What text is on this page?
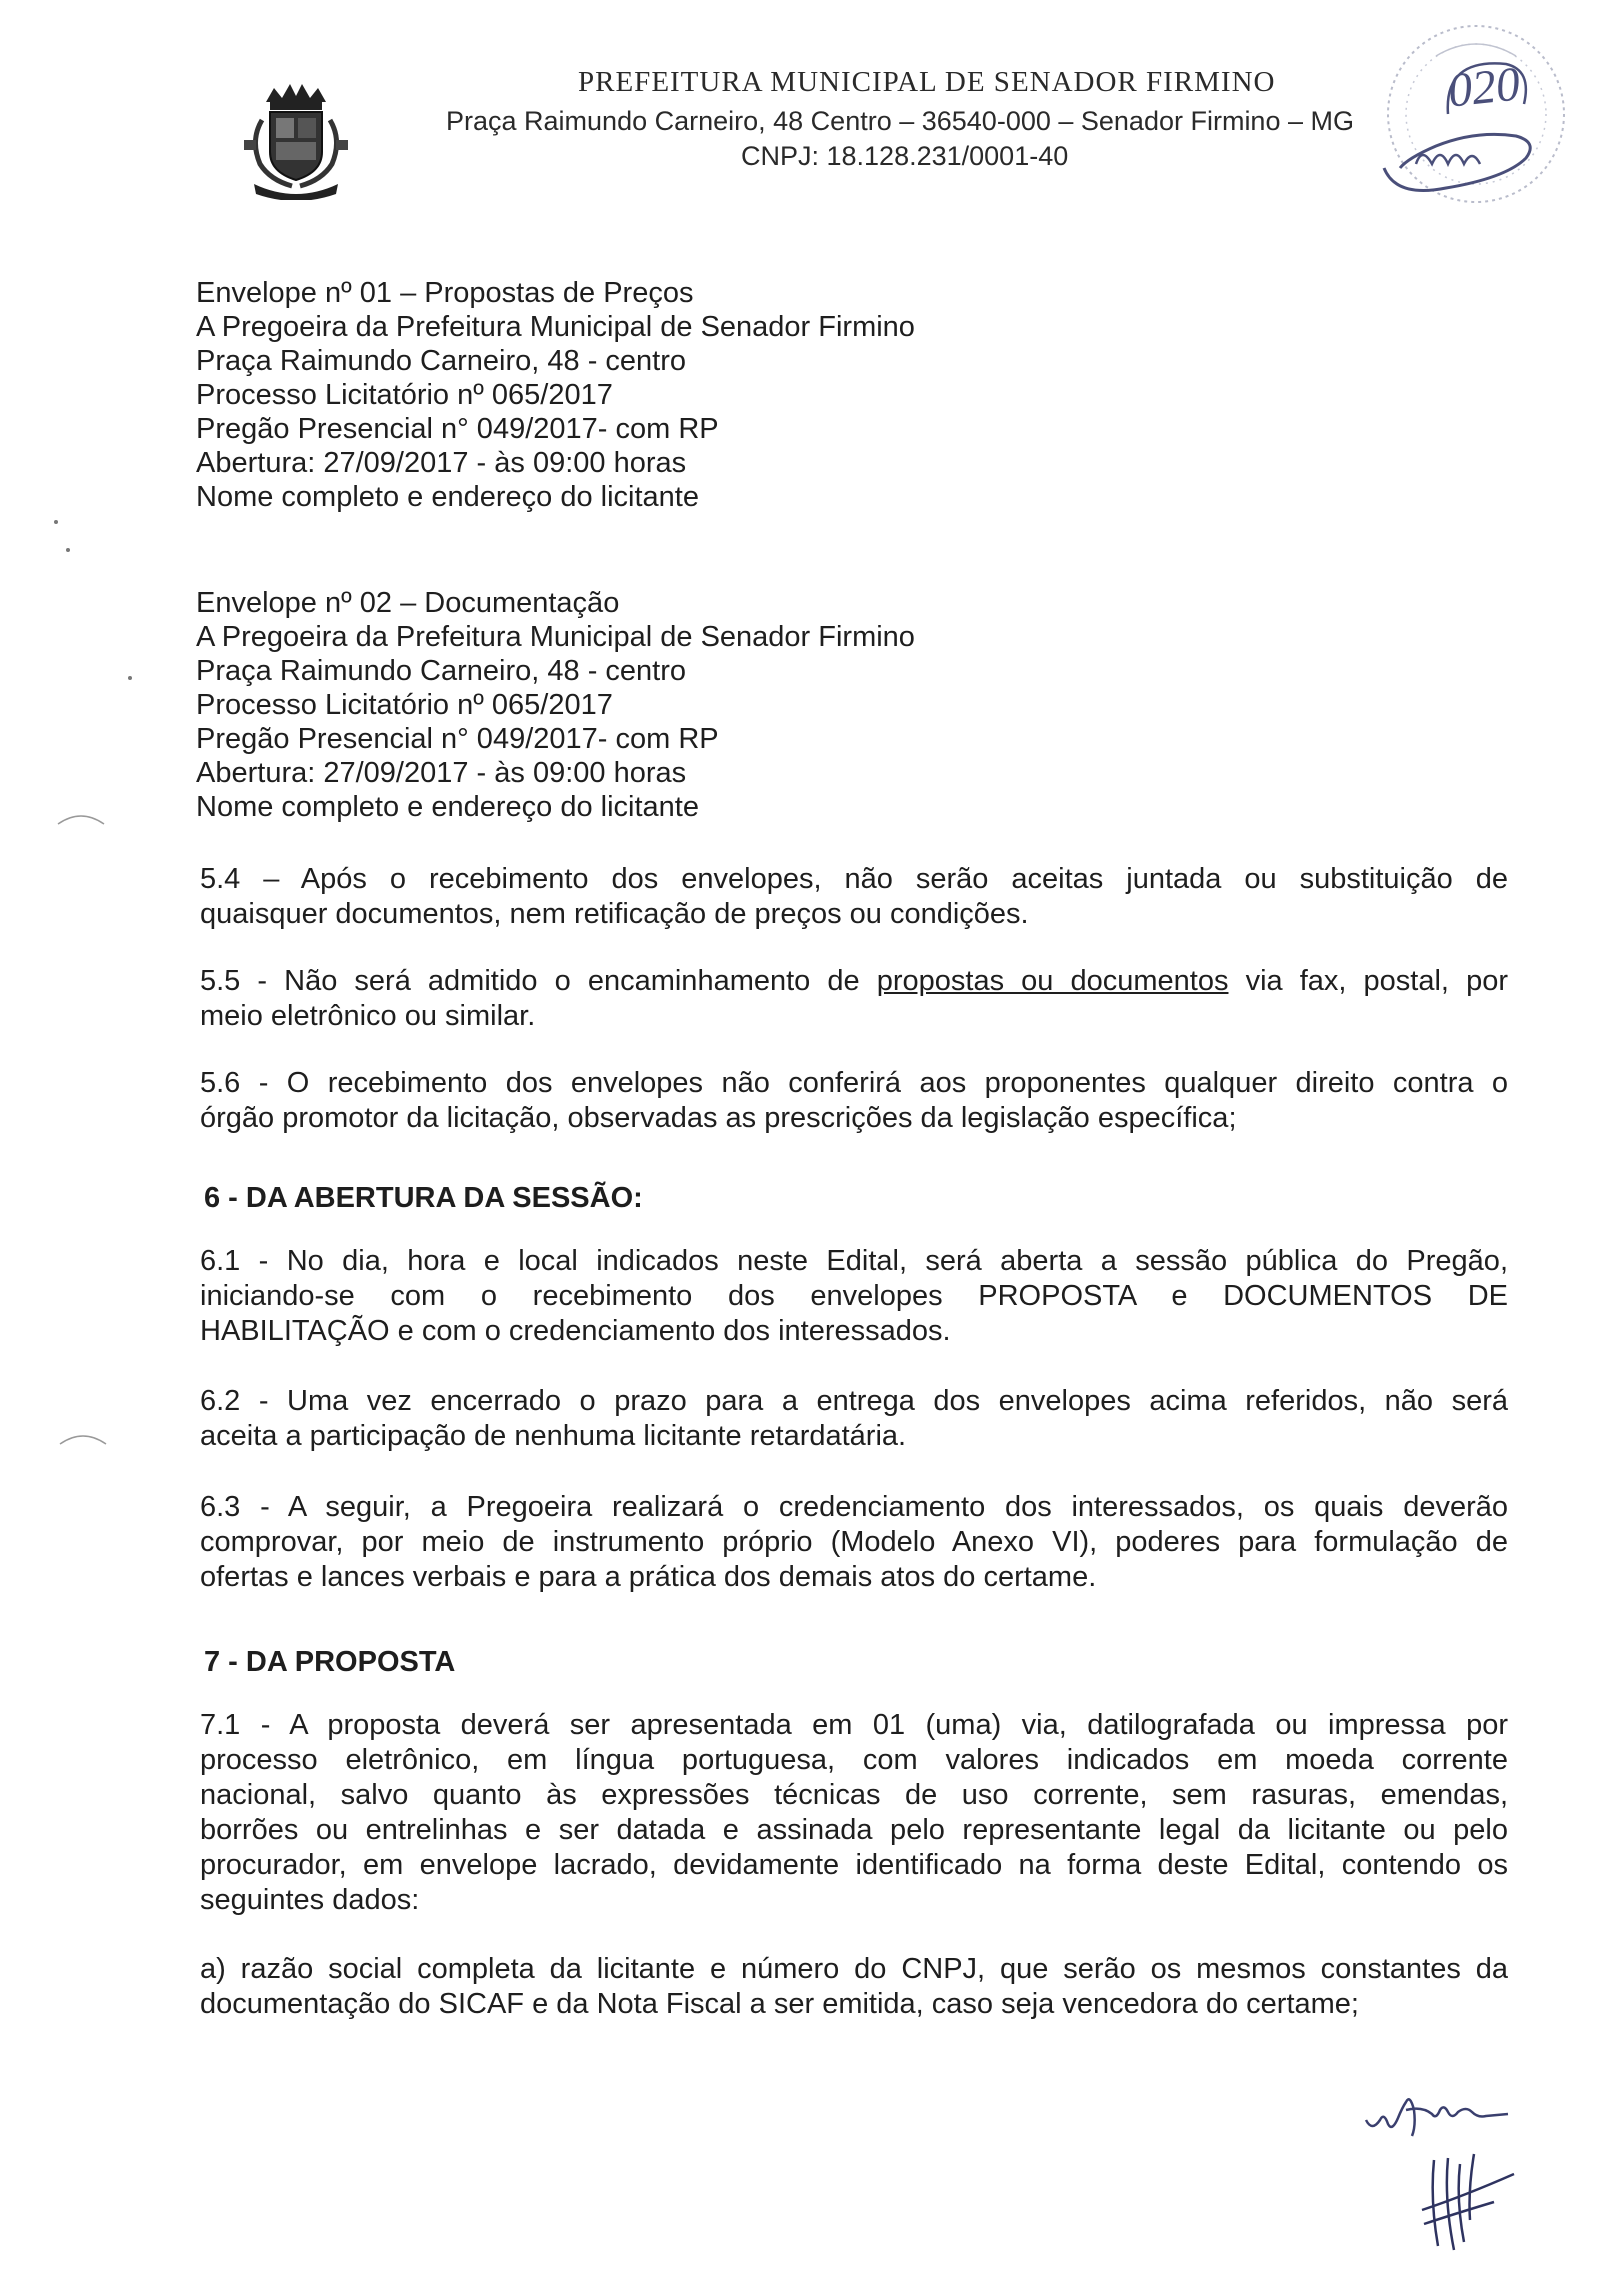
PREFEITURA MUNICIPAL DE SENADOR FIRMINO
Praça Raimundo Carneiro, 48 Centro – 36540-000 – Senador Firmino – MG
CNPJ: 18.128.231/0001-40
020
Envelope nº 01 – Propostas de Preços
A Pregoeira da Prefeitura Municipal de Senador Firmino
Praça Raimundo Carneiro, 48 - centro
Processo Licitatório nº 065/2017
Pregão Presencial n° 049/2017- com RP
Abertura: 27/09/2017 - às 09:00 horas
Nome completo e endereço do licitante
Envelope nº 02 – Documentação
A Pregoeira da Prefeitura Municipal de Senador Firmino
Praça Raimundo Carneiro, 48 - centro
Processo Licitatório nº 065/2017
Pregão Presencial n° 049/2017- com RP
Abertura: 27/09/2017 - às 09:00 horas
Nome completo e endereço do licitante
5.4 – Após o recebimento dos envelopes, não serão aceitas juntada ou substituição de
quaisquer documentos, nem retificação de preços ou condições.
5.5 - Não será admitido o encaminhamento de propostas ou documentos via fax, postal, por
meio eletrônico ou similar.
5.6 - O recebimento dos envelopes não conferirá aos proponentes qualquer direito contra o
órgão promotor da licitação, observadas as prescrições da legislação específica;
6 - DA ABERTURA DA SESSÃO:
6.1 - No dia, hora e local indicados neste Edital, será aberta a sessão pública do Pregão,
iniciando-se com o recebimento dos envelopes PROPOSTA e DOCUMENTOS DE
HABILITAÇÃO e com o credenciamento dos interessados.
6.2 - Uma vez encerrado o prazo para a entrega dos envelopes acima referidos, não será
aceita a participação de nenhuma licitante retardatária.
6.3 - A seguir, a Pregoeira realizará o credenciamento dos interessados, os quais deverão
comprovar, por meio de instrumento próprio (Modelo Anexo VI), poderes para formulação de
ofertas e lances verbais e para a prática dos demais atos do certame.
7 - DA PROPOSTA
7.1 - A proposta deverá ser apresentada em 01 (uma) via, datilografada ou impressa por
processo eletrônico, em língua portuguesa, com valores indicados em moeda corrente
nacional, salvo quanto às expressões técnicas de uso corrente, sem rasuras, emendas,
borrões ou entrelinhas e ser datada e assinada pelo representante legal da licitante ou pelo
procurador, em envelope lacrado, devidamente identificado na forma deste Edital, contendo os
seguintes dados:
a) razão social completa da licitante e número do CNPJ, que serão os mesmos constantes da
documentação do SICAF e da Nota Fiscal a ser emitida, caso seja vencedora do certame;
